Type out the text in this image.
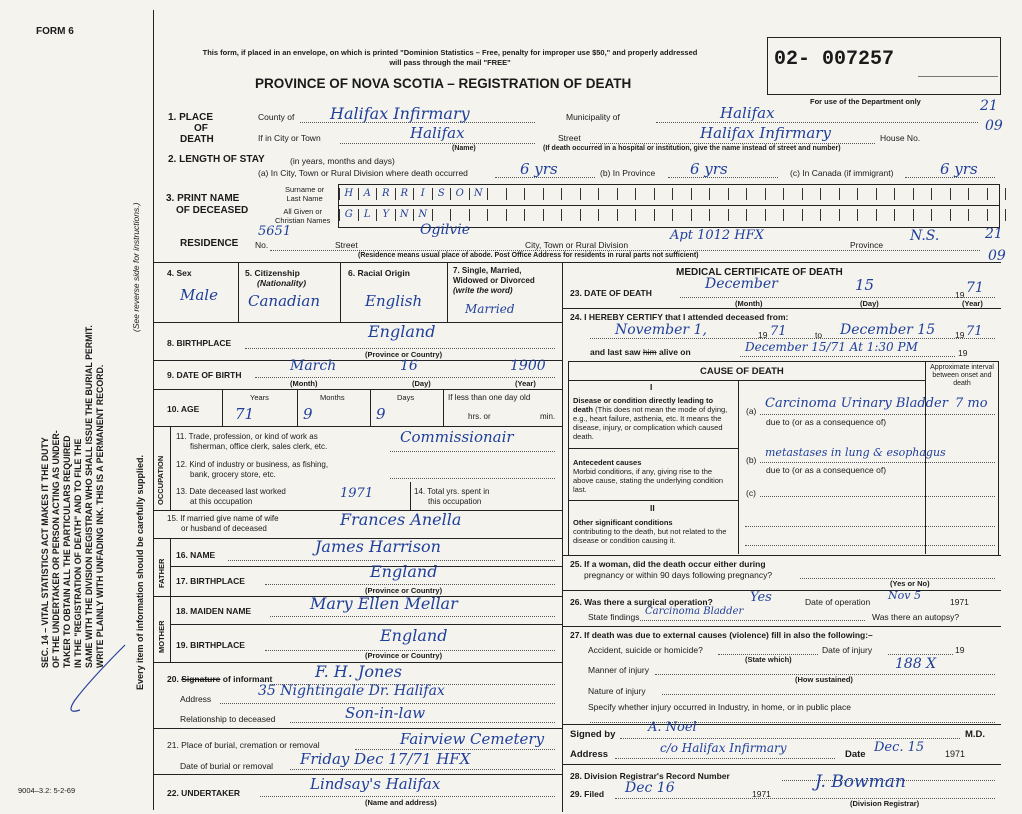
FORM 6
SEC. 14 – VITAL STATISTICS ACT MAKES IT THE DUTY OF THE UNDERTAKER OR PERSON ACTING AS UNDER- TAKER TO OBTAIN ALL THE PARTICULARS REQUIRED IN THE "REGISTRATION OF DEATH" AND TO FILE THE SAME WITH THE DIVISION REGISTRAR WHO SHALL ISSUE THE BURIAL PERMIT. WRITE PLAINLY WITH UNFADING INK. THIS IS A PERMANENT RECORD.
(See reverse side for instructions.)
Every item of information should be carefully supplied.
9004–3.2: 5-2-69
This form, if placed in an envelope, on which is printed "Dominion Statistics – Free, penalty for improper use $50," and properly addressed will pass through the mail "FREE"
PROVINCE OF NOVA SCOTIA – REGISTRATION OF DEATH
02- 007257
For use of the Department only	21
09
21
09
1. PLACE
OF
DEATH
County of Halifax Infirmary	Municipality of	Halifax
If in City or Town	Halifax
(Name)
Street	Halifax Infirmary	House No.
(If death occurred in a hospital or institution, give the name instead of street and number)
2. LENGTH OF STAY	(in years, months and days)
(a) In City, Town or Rural Division where death occurred	6 yrs	(b) In Province 6 yrs	(c) In Canada (if immigrant)	6 yrs
3. PRINT NAME
OF DECEASED
Surname or
Last Name
All Given or
Christian Names
H	A	R	R	I	S	O	N
G	L	Y	N N
RESIDENCE No.
5651
Street
Ogilvie
City, Town or Rural Division
Apt 1012 HFX
Province
N.S.
(Residence means usual place of abode. Post Office Address for residents in rural parts not sufficient)
4. Sex
Male
5. Citizenship
(Nationality)
Canadian
6. Racial Origin
English
7. Single, Married,
Widowed or Divorced
(write the word)
Married
8. BIRTHPLACE
England
(Province or Country)
9. DATE OF BIRTH
March	16	1900
(Month)	(Day)	(Year)
10. AGE
Years	Months	Days
71	9	9
If less than one day old
hrs. or	min.
OCCUPATION
11. Trade, profession, or kind of work as
fisherman, office clerk, sales clerk, etc.
Commissionair
12. Kind of industry or business, as fishing,
bank, grocery store, etc.
13. Date deceased last worked
at this occupation
1971	14. Total yrs. spent in
this occupation
15. If married give name of wife
or husband of deceased	Frances Anella
FATHER
16. NAME	James Harrison
17. BIRTHPLACE	England
(Province or Country)
MOTHER
18. MAIDEN NAME	Mary Ellen Mellar
19. BIRTHPLACE	England
(Province or Country)
20. Signature of informant	F. H. Jones
Address	35 Nightingale Dr. Halifax
Relationship to deceased	Son-in-law
21. Place of burial, cremation or removal	Fairview Cemetery
Date of burial or removal Friday Dec 17/71 HFX
22. UNDERTAKER	Lindsay's Halifax
(Name and address)
MEDICAL CERTIFICATE OF DEATH
23. DATE OF DEATH
December	15
19 71
(Month)	(Day)	(Year)
24. I HEREBY CERTIFY that I attended deceased from:
November 1,	19 71	to December 15 19 71
and last saw him alive on	December 15/71 At 1:30 PM	19
CAUSE OF DEATH	Approximate interval between onset and death
I
Disease or condition directly leading to death (This does not mean the mode of dying, e.g., heart failure, asthenia, etc. It means the disease, injury, or complication which caused death.
(a) Carcinoma Urinary Bladder 7 mo
due to (or as a consequence of)
Antecedent causes
Morbid conditions, if any, giving rise to the above cause, stating the underlying condition last.
(b)
metastases in lung & esophagus
due to (or as a consequence of)
(c)
II
Other significant conditions
contributing to the death, but not related to the disease or condition causing it.
25. If a woman, did the death occur either during
pregnancy or within 90 days following pregnancy?
(Yes or No)
26. Was there a surgical operation?	Yes	Date of operation Nov 5	1971
State findings Carcinoma Bladder	Was there an autopsy?
27. If death was due to external causes (violence) fill in also the following:–
Accident, suicide or homicide?
(State which)
Date of injury	19
Manner of injury	188 X
(How sustained)
Nature of injury
Specify whether injury occurred in Industry, in home, or in public place
Signed by	A. Noel	M.D.
Address	c/o Halifax Infirmary	Date Dec. 15 1971
28. Division Registrar's Record Number
29. Filed Dec 16	1971
J. Bowman
(Division Registrar)
